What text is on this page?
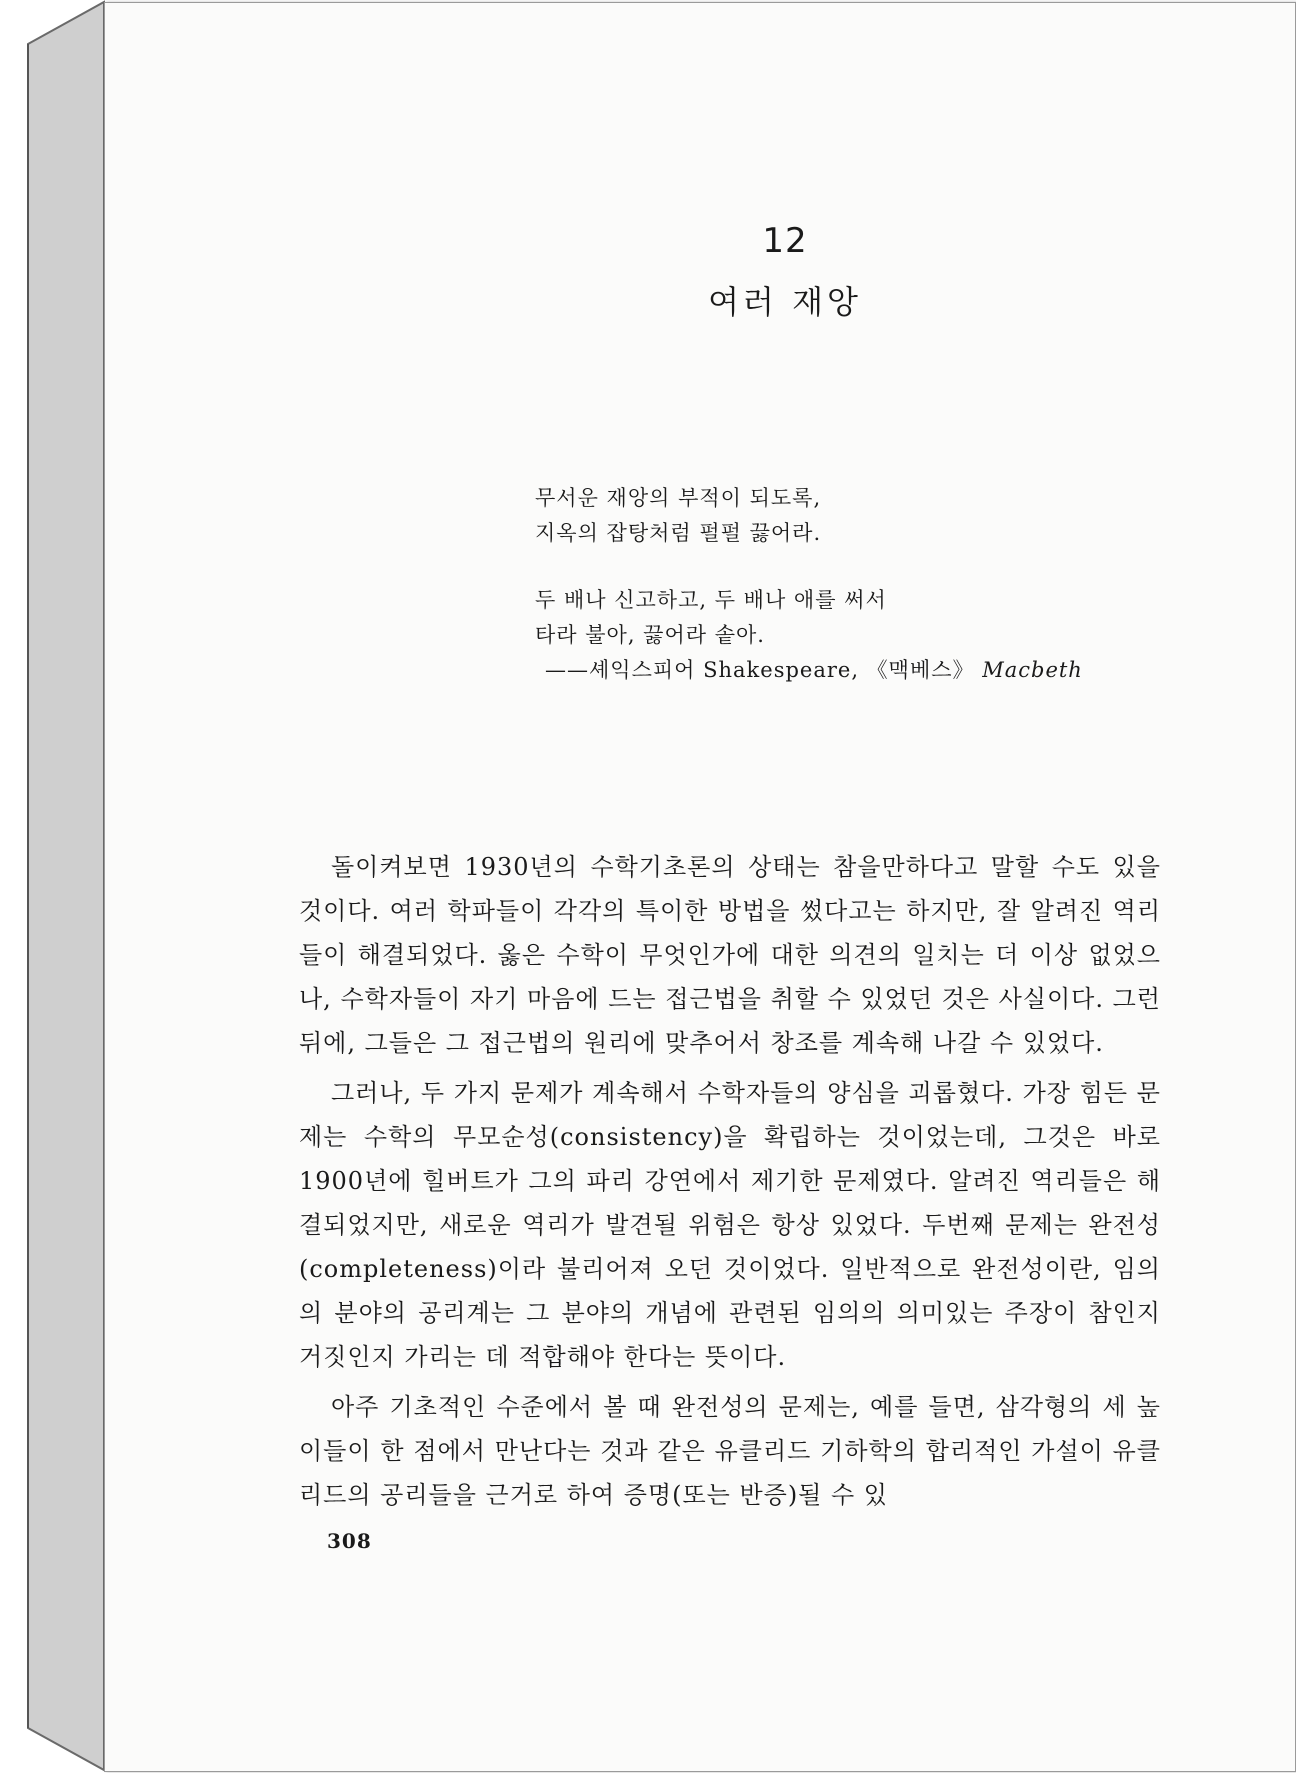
12
여러 재앙
무서운 재앙의 부적이 되도록,
지옥의 잡탕처럼 펄펄 끓어라.
두 배나 신고하고, 두 배나 애를 써서
타라 불아, 끓어라 솥아.
——셰익스피어 Shakespeare, 《맥베스》 Macbeth

돌이켜보면 1930년의 수학기초론의 상태는 참을만하다고 말할 수도 있을 것이다. 여러 학파들이 각각의 특이한 방법을 썼다고는 하지만, 잘 알려진 역리들이 해결되었다. 옳은 수학이 무엇인가에 대한 의견의 일치는 더 이상 없었으나, 수학자들이 자기 마음에 드는 접근법을 취할 수 있었던 것은 사실이다. 그런 뒤에, 그들은 그 접근법의 원리에 맞추어서 창조를 계속해 나갈 수 있었다.

그러나, 두 가지 문제가 계속해서 수학자들의 양심을 괴롭혔다. 가장 힘든 문제는 수학의 무모순성(consistency)을 확립하는 것이었는데, 그것은 바로 1900년에 힐버트가 그의 파리 강연에서 제기한 문제였다. 알려진 역리들은 해결되었지만, 새로운 역리가 발견될 위험은 항상 있었다. 두번째 문제는 완전성 (completeness)이라 불리어져 오던 것이었다. 일반적으로 완전성이란, 임의의 분야의 공리계는 그 분야의 개념에 관련된 임의의 의미있는 주장이 참인지 거짓인지 가리는 데 적합해야 한다는 뜻이다.

아주 기초적인 수준에서 볼 때 완전성의 문제는, 예를 들면, 삼각형의 세 높이들이 한 점에서 만난다는 것과 같은 유클리드 기하학의 합리적인 가설이 유클리드의 공리들을 근거로 하여 증명(또는 반증)될 수 있

308
